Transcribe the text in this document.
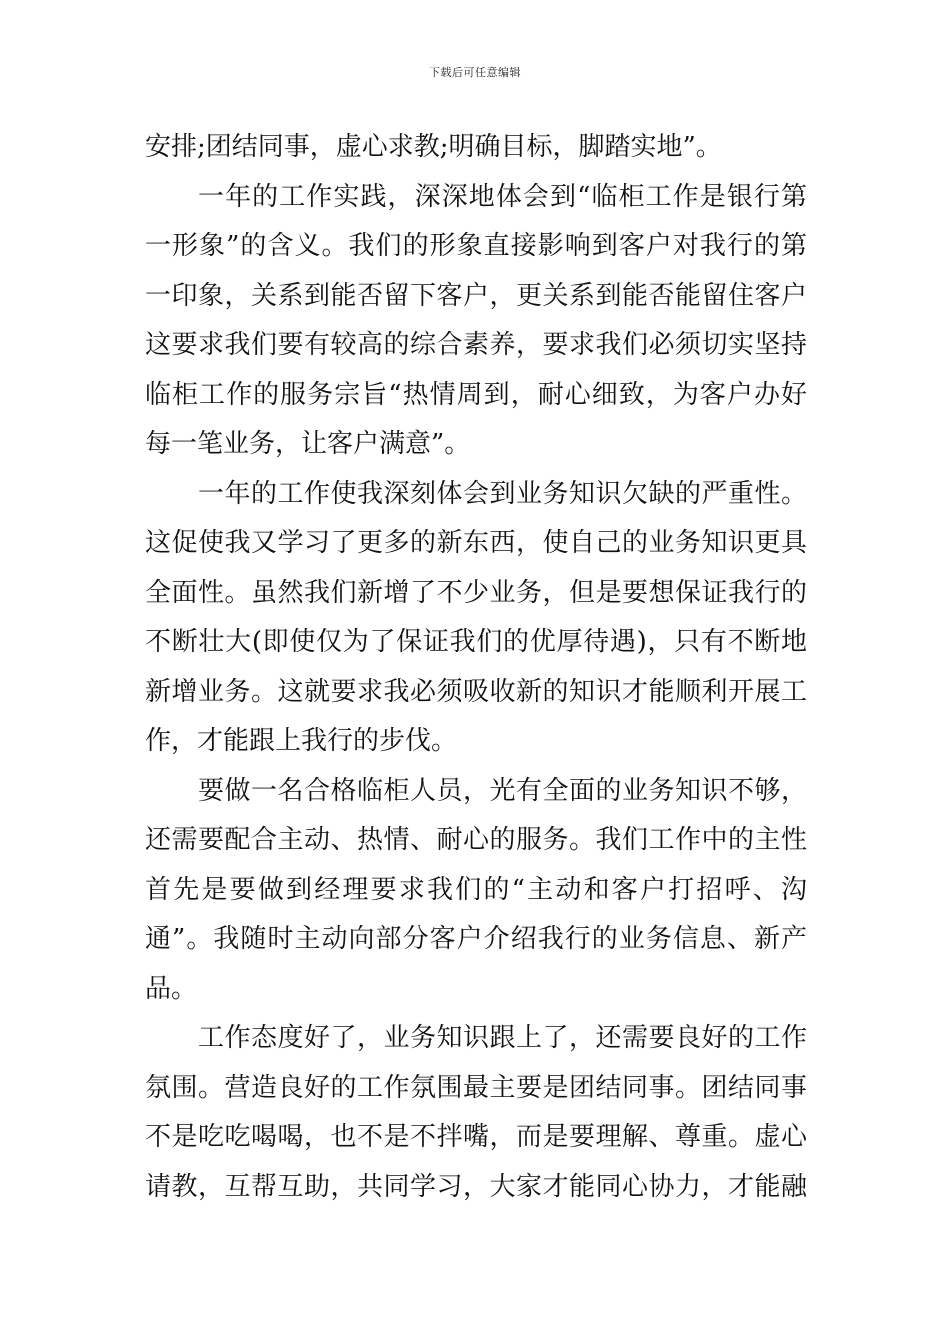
下载后可任意编辑
安排;团结同事，虚心求教;明确目标，脚踏实地”。
一年的工作实践，深深地体会到“临柜工作是银行第
一形象”的含义。我们的形象直接影响到客户对我行的第
一印象，关系到能否留下客户，更关系到能否能留住客户
这要求我们要有较高的综合素养，要求我们必须切实坚持
临柜工作的服务宗旨“热情周到，耐心细致，为客户办好
每一笔业务，让客户满意”。
一年的工作使我深刻体会到业务知识欠缺的严重性。
这促使我又学习了更多的新东西，使自己的业务知识更具
全面性。虽然我们新增了不少业务，但是要想保证我行的
不断壮大(即使仅为了保证我们的优厚待遇)，只有不断地
新增业务。这就要求我必须吸收新的知识才能顺利开展工
作，才能跟上我行的步伐。
要做一名合格临柜人员，光有全面的业务知识不够，
还需要配合主动、热情、耐心的服务。我们工作中的主性
首先是要做到经理要求我们的“主动和客户打招呼、沟
通”。我随时主动向部分客户介绍我行的业务信息、新产
品。
工作态度好了，业务知识跟上了，还需要良好的工作
氛围。营造良好的工作氛围最主要是团结同事。团结同事
不是吃吃喝喝，也不是不拌嘴，而是要理解、尊重。虚心
请教，互帮互助，共同学习，大家才能同心协力，才能融
